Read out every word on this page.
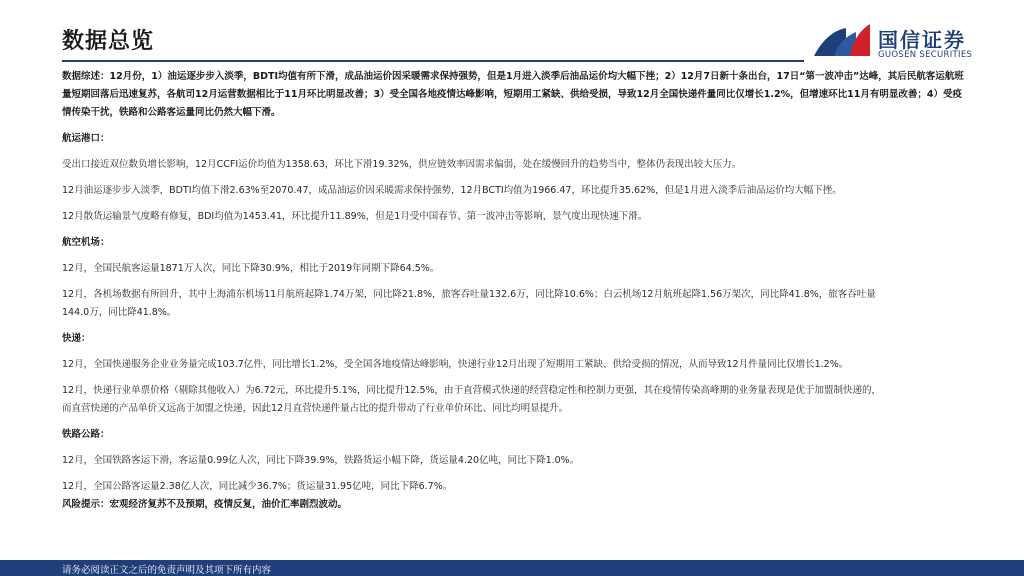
数据总览	国信证券
GUOSEN SECURITIES
数据综述：12月份，1）油运逐步步入淡季，BDTI均值有所下滑，成品油运价因采暖需求保持强势，但是1月进入淡季后油品运价均大幅下挫；2）12月7日新十条出台，17日“第一波冲击”达峰，其后民航客运航班量短期回落后迅速复苏，各航司12月运营数据相比于11月环比明显改善；3）受全国各地疫情达峰影响，短期用工紧缺、供给受损，导致12月全国快递件量同比仅增长1.2%，但增速环比11月有明显改善；4）受疫情传染干扰，铁路和公路客运量同比仍然大幅下滑。
航运港口：
受出口接近双位数负增长影响，12月CCFI运价均值为1358.63，环比下滑19.32%，供应链效率因需求偏弱，处在缓慢回升的趋势当中，整体仍表现出较大压力。
12月油运逐步步入淡季，BDTI均值下滑2.63%至2070.47，成品油运价因采暖需求保持强势，12月BCTI均值为1966.47，环比提升35.62%，但是1月进入淡季后油品运价均大幅下挫。
12月散货运输景气度略有修复，BDI均值为1453.41，环比提升11.89%，但是1月受中国春节、第一波冲击等影响，景气度出现快速下滑。
航空机场：
12月，全国民航客运量1871万人次，同比下降30.9%，相比于2019年同期下降64.5%。
12月，各机场数据有所回升，其中上海浦东机场11月航班起降1.74万架，同比降21.8%，旅客吞吐量132.6万，同比降10.6%；白云机场12月航班起降1.56万架次，同比降41.8%，旅客吞吐量
144.0万，同比降41.8%。
快递：
12月，全国快递服务企业业务量完成103.7亿件，同比增长1.2%，受全国各地疫情达峰影响，快递行业12月出现了短期用工紧缺、供给受损的情况，从而导致12月件量同比仅增长1.2%。
12月，快递行业单票价格（剔除其他收入）为6.72元，环比提升5.1%，同比提升12.5%，由于直营模式快递的经营稳定性和控制力更强，其在疫情传染高峰期的业务量表现是优于加盟制快递的，
而直营快递的产品单价又远高于加盟之快递，因此12月直营快递件量占比的提升带动了行业单价环比、同比均明显提升。
铁路公路：
12月，全国铁路客运下滑，客运量0.99亿人次，同比下降39.9%，铁路货运小幅下降，货运量4.20亿吨，同比下降1.0%。
12月，全国公路客运量2.38亿人次，同比减少36.7%；货运量31.95亿吨，同比下降6.7%。
风险提示：宏观经济复苏不及预期，疫情反复，油价汇率剧烈波动。
请务必阅读正文之后的免责声明及其项下所有内容
